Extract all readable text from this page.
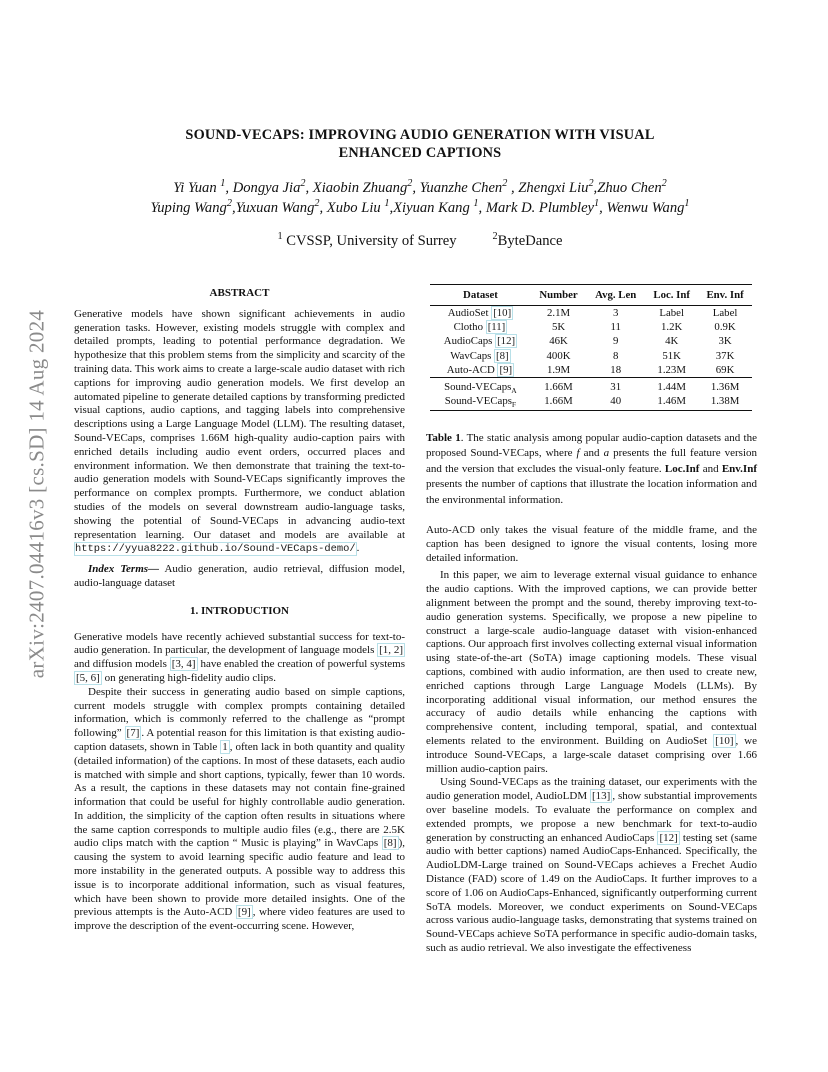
arXiv:2407.04416v3 [cs.SD] 14 Aug 2024
SOUND-VECAPS: IMPROVING AUDIO GENERATION WITH VISUAL
ENHANCED CAPTIONS
Yi Yuan $^1$, Dongya Jia$^2$, Xiaobin Zhuang$^2$, Yuanzhe Chen$^2$ , Zhengxi Liu$^2$,Zhuo Chen$^2$
Yuping Wang$^2$,Yuxuan Wang$^2$, Xubo Liu $^1$,Xiyuan Kang $^1$, Mark D. Plumbley$^1$, Wenwu Wang$^1$
$^1$ CVSSP, University of Surrey	$^2$ByteDance

ABSTRACT

Generative models have shown significant achievements in audio generation tasks. However, existing models struggle with complex and detailed prompts, leading to potential performance degradation. We hypothesize that this problem stems from the simplicity and scarcity of the training data. This work aims to create a large-scale audio dataset with rich captions for improving audio generation models. We first develop an automated pipeline to generate detailed captions by transforming predicted visual captions, audio captions, and tagging labels into comprehensive descriptions using a Large Language Model (LLM). The resulting dataset, Sound-VECaps, comprises 1.66M high-quality audio-caption pairs with enriched details including audio event orders, occurred places and environment information. We then demonstrate that training the text-to-audio generation models with Sound-VECaps significantly improves the performance on complex prompts. Furthermore, we conduct ablation studies of the models on several downstream audio-language tasks, showing the potential of Sound-VECaps in advancing audio-text representation learning. Our dataset and models are available at https://yyua8222.github.io/Sound-VECaps-demo/.

Index Terms— Audio generation, audio retrieval, diffusion model, audio-language dataset

1. INTRODUCTION

Generative models have recently achieved substantial success for text-to-audio generation. In particular, the development of language models [1, 2] and diffusion models [3, 4] have enabled the creation of powerful systems [5, 6] on generating high-fidelity audio clips.

Despite their success in generating audio based on simple captions, current models struggle with complex prompts containing detailed information, which is commonly referred to the challenge as “prompt following” [7] . A potential reason for this limitation is that existing audio-caption datasets, shown in Table 1 , often lack in both quantity and quality (detailed information) of the captions. In most of these datasets, each audio is matched with simple and short captions, typically, fewer than 10 words. As a result, the captions in these datasets may not contain fine-grained information that could be useful for highly controllable audio generation. In addition, the simplicity of the caption often results in situations where the same caption corresponds to multiple audio files (e.g., there are 2.5K audio clips match with the caption “ Music is playing” in WavCaps [8] ), causing the system to avoid learning specific audio feature and lead to more instability in the generated outputs. A possible way to address this issue is to incorporate additional information, such as visual features, which have been shown to provide more detailed insights. One of the previous attempts is the Auto-ACD [9] , where video features are used to improve the description of the event-occurring scene. However,

Dataset	Number	Avg. Len	Loc. Inf	Env. Inf
AudioSet [10]	2.1M	3	Label	Label
Clotho [11]	5K	11	1.2K	0.9K
AudioCaps [12]	46K	9	4K	3K
WavCaps [8]	400K	8	51K	37K
Auto-ACD [9]	1.9M	18	1.23M	69K
Sound-VECaps$_A$	1.66M	31	1.44M	1.36M
Sound-VECaps$_F$	1.66M	40	1.46M	1.38M
Table 1. The static analysis among popular audio-caption datasets and the proposed Sound-VECaps, where f and a presents the full feature version and the version that excludes the visual-only feature. Loc.Inf and Env.Inf presents the number of captions that illustrate the location information and the environmental information.

Auto-ACD only takes the visual feature of the middle frame, and the caption has been designed to ignore the visual contents, losing more detailed information.

In this paper, we aim to leverage external visual guidance to enhance the audio captions. With the improved captions, we can provide better alignment between the prompt and the sound, thereby improving text-to-audio generation systems. Specifically, we propose a new pipeline to construct a large-scale audio-language dataset with vision-enhanced captions. Our approach first involves collecting external visual information using state-of-the-art (SoTA) image captioning models. These visual captions, combined with audio information, are then used to create new, enriched captions through Large Language Models (LLMs). By incorporating additional visual information, our method ensures the accuracy of audio details while enhancing the captions with comprehensive content, including temporal, spatial, and contextual elements related to the environment. Building on AudioSet [10] , we introduce Sound-VECaps, a large-scale dataset comprising over 1.66 million audio-caption pairs.

Using Sound-VECaps as the training dataset, our experiments with the audio generation model, AudioLDM [13] , show substantial improvements over baseline models. To evaluate the performance on complex and extended prompts, we propose a new benchmark for text-to-audio generation by constructing an enhanced AudioCaps [12] testing set (same audio with better captions) named AudioCaps-Enhanced. Specifically, the AudioLDM-Large trained on Sound-VECaps achieves a Frechet Audio Distance (FAD) score of 1.49 on the AudioCaps. It further improves to a score of 1.06 on AudioCaps-Enhanced, significantly outperforming current SoTA models. Moreover, we conduct experiments on Sound-VECaps across various audio-language tasks, demonstrating that systems trained on Sound-VECaps achieve SoTA performance in specific audio-domain tasks, such as audio retrieval. We also investigate the effectiveness
